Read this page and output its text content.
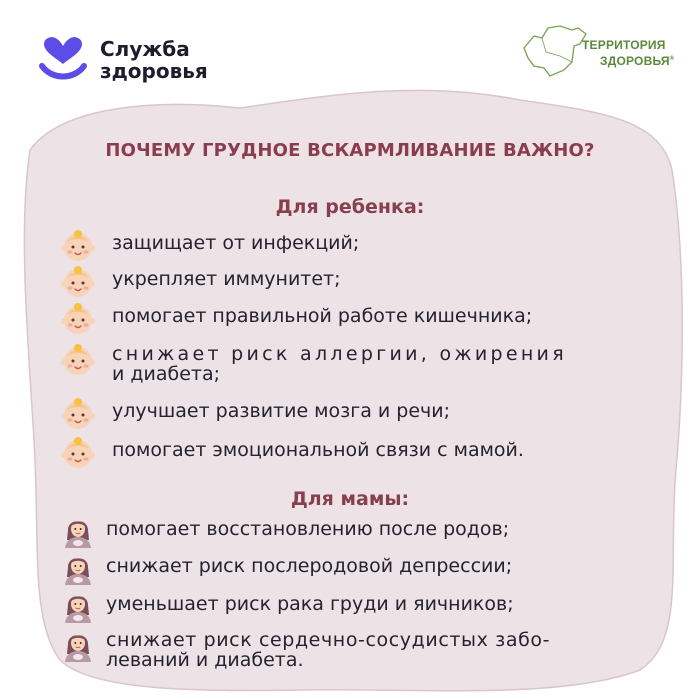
Служба
здоровья
ТЕРРИТОРИЯ
ЗДОРОВЬЯ®
ПОЧЕМУ ГРУДНОЕ ВСКАРМЛИВАНИЕ ВАЖНО?
Для ребенка:
защищает от инфекций;
укрепляет иммунитет;
помогает правильной работе кишечника;
снижает риск аллергии, ожирения
и диабета;
улучшает развитие мозга и речи;
помогает эмоциональной связи с мамой.
Для мамы:
помогает восстановлению после родов;
снижает риск послеродовой депрессии;
уменьшает риск рака груди и яичников;
снижает риск сердечно-сосудистых забо-
леваний и диабета.
